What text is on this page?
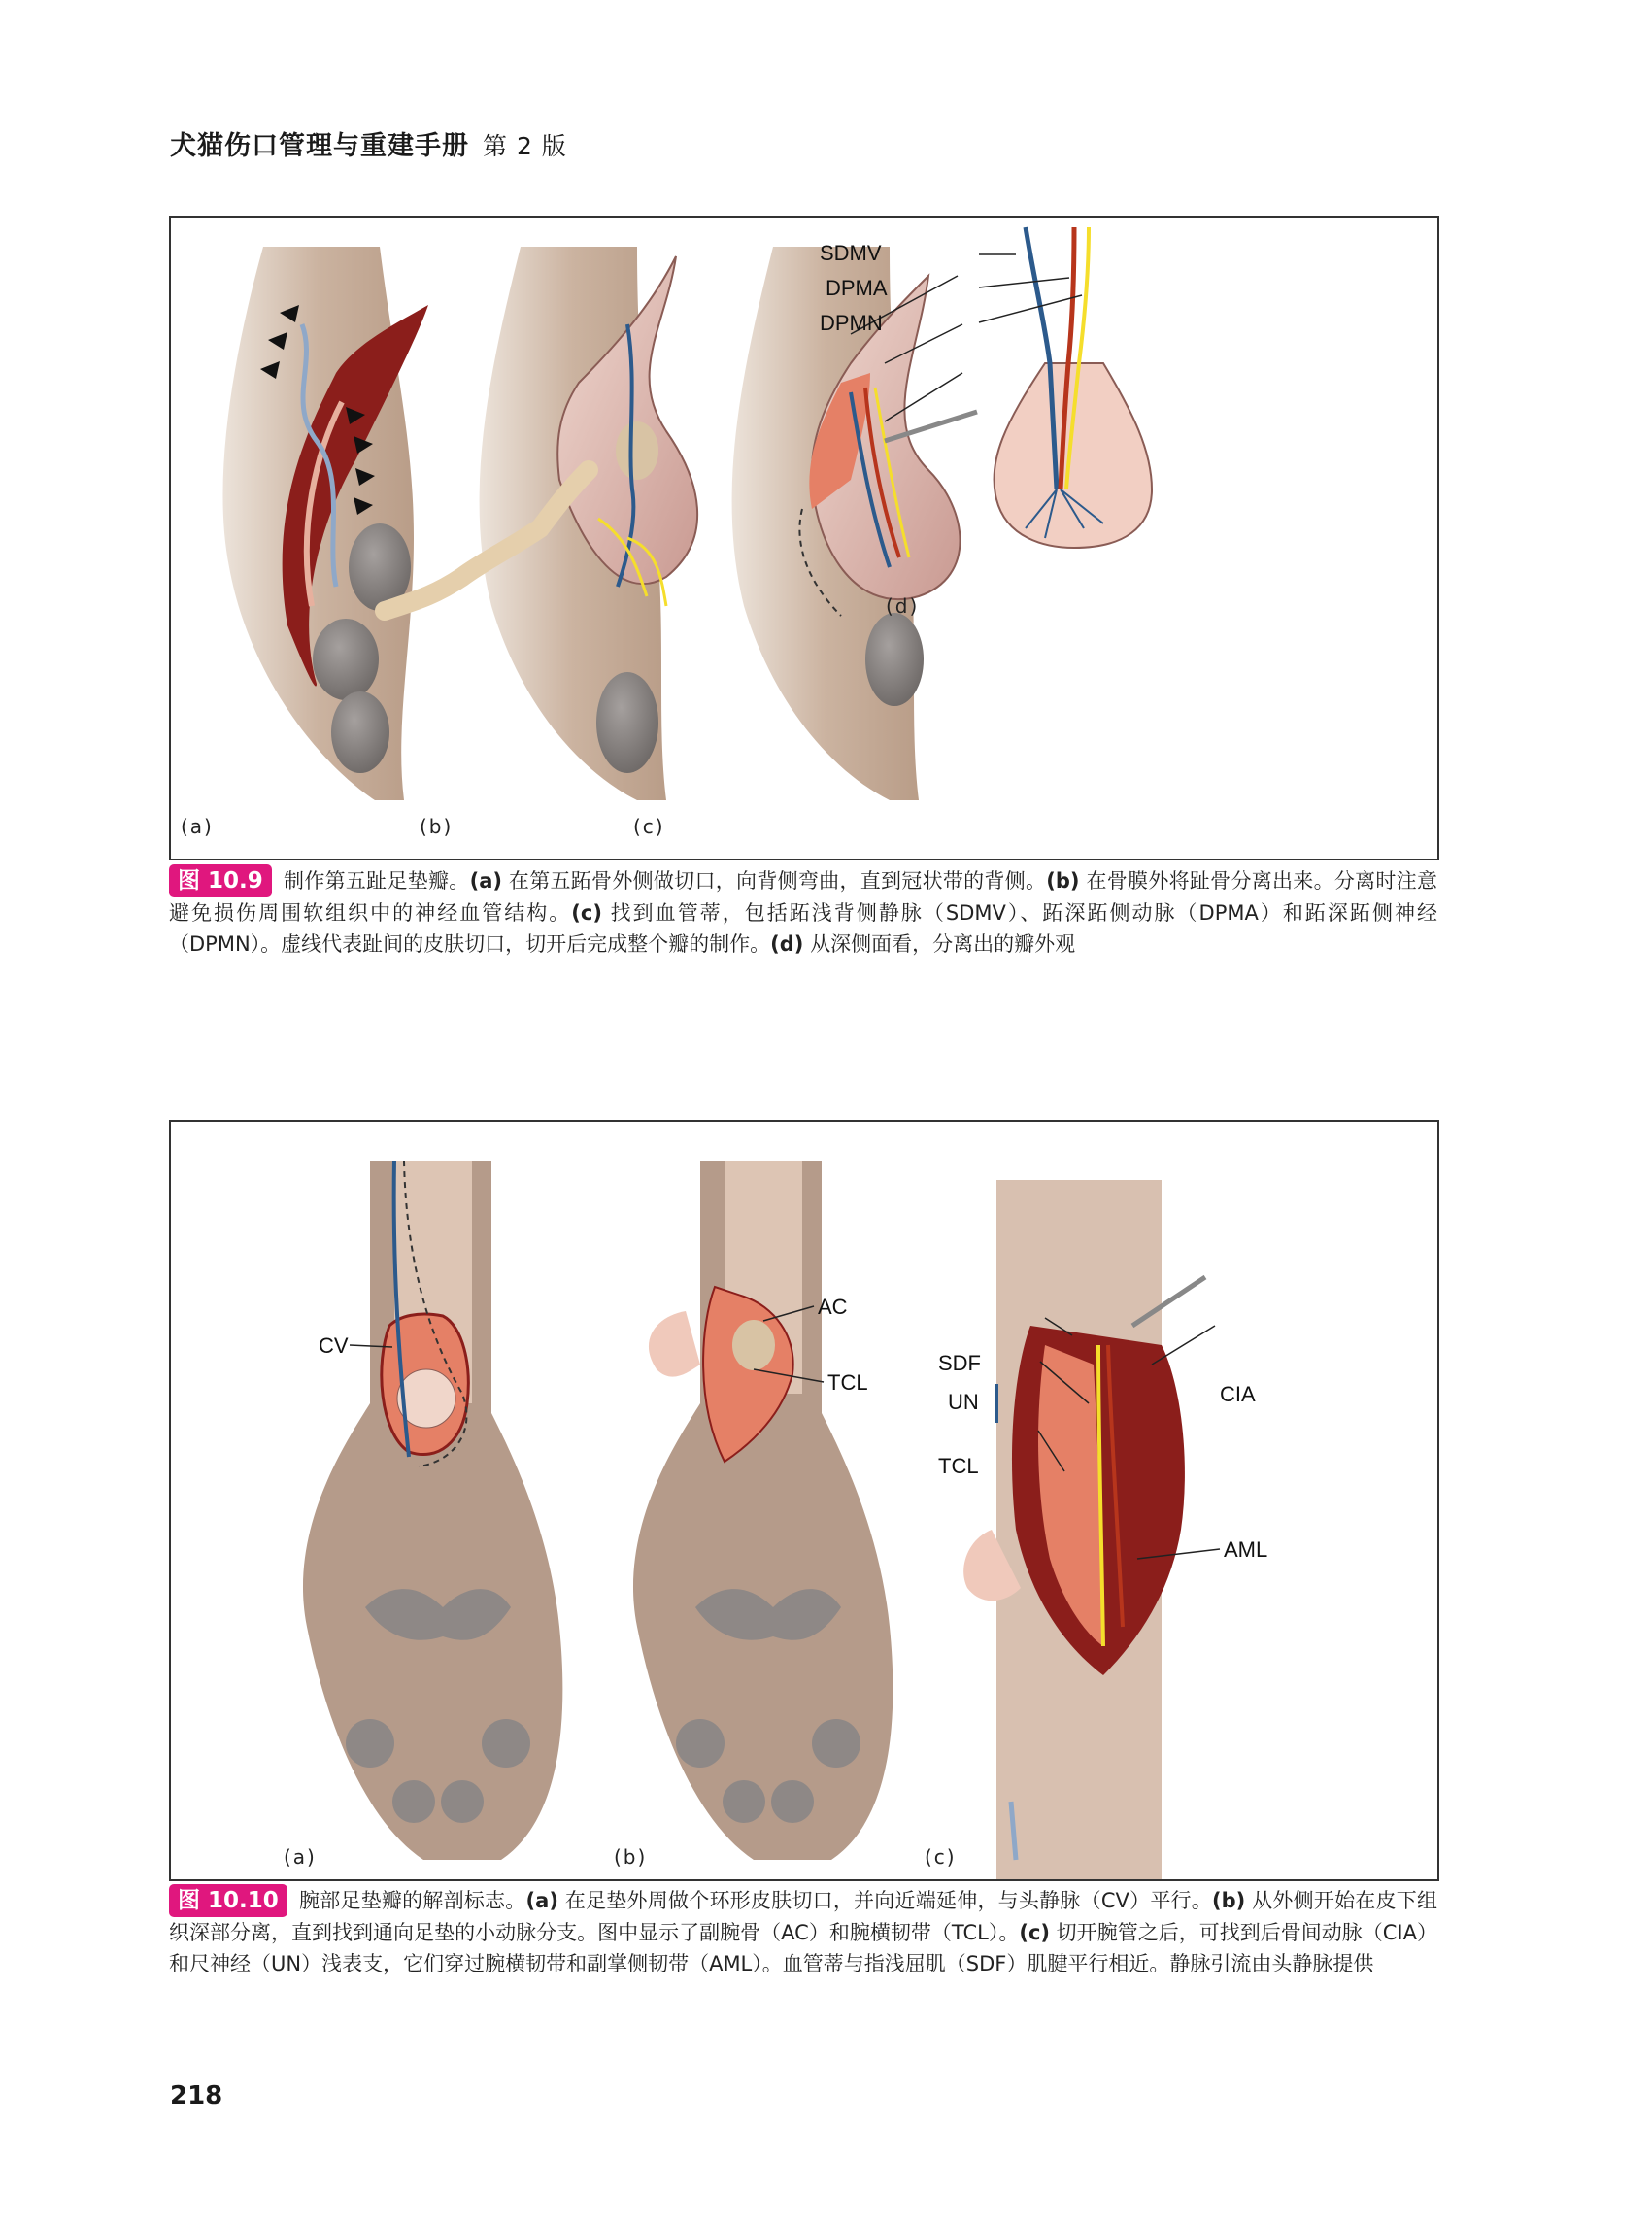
犬猫伤口管理与重建手册 第 2 版
(a)	(b)	(c)
(d)
SDMV
DPMA
DPMN
图 10.9 制作第五趾足垫瓣。(a) 在第五跖骨外侧做切口，向背侧弯曲，直到冠状带的背侧。(b) 在骨膜外将趾骨分离出来。分离时注意避免损伤周围软组织中的神经血管结构。(c) 找到血管蒂，包括跖浅背侧静脉（SDMV）、跖深跖侧动脉（DPMA）和跖深跖侧神经（DPMN）。虚线代表趾间的皮肤切口，切开后完成整个瓣的制作。(d) 从深侧面看，分离出的瓣外观
(a)	(b)	(c)
CV
AC
TCL
SDF
UN
TCL
CIA
AML
图 10.10 腕部足垫瓣的解剖标志。(a) 在足垫外周做个环形皮肤切口，并向近端延伸，与头静脉（CV）平行。(b) 从外侧开始在皮下组织深部分离，直到找到通向足垫的小动脉分支。图中显示了副腕骨（AC）和腕横韧带（TCL）。(c) 切开腕管之后，可找到后骨间动脉（CIA）和尺神经（UN）浅表支，它们穿过腕横韧带和副掌侧韧带（AML）。血管蒂与指浅屈肌（SDF）肌腱平行相近。静脉引流由头静脉提供
218
